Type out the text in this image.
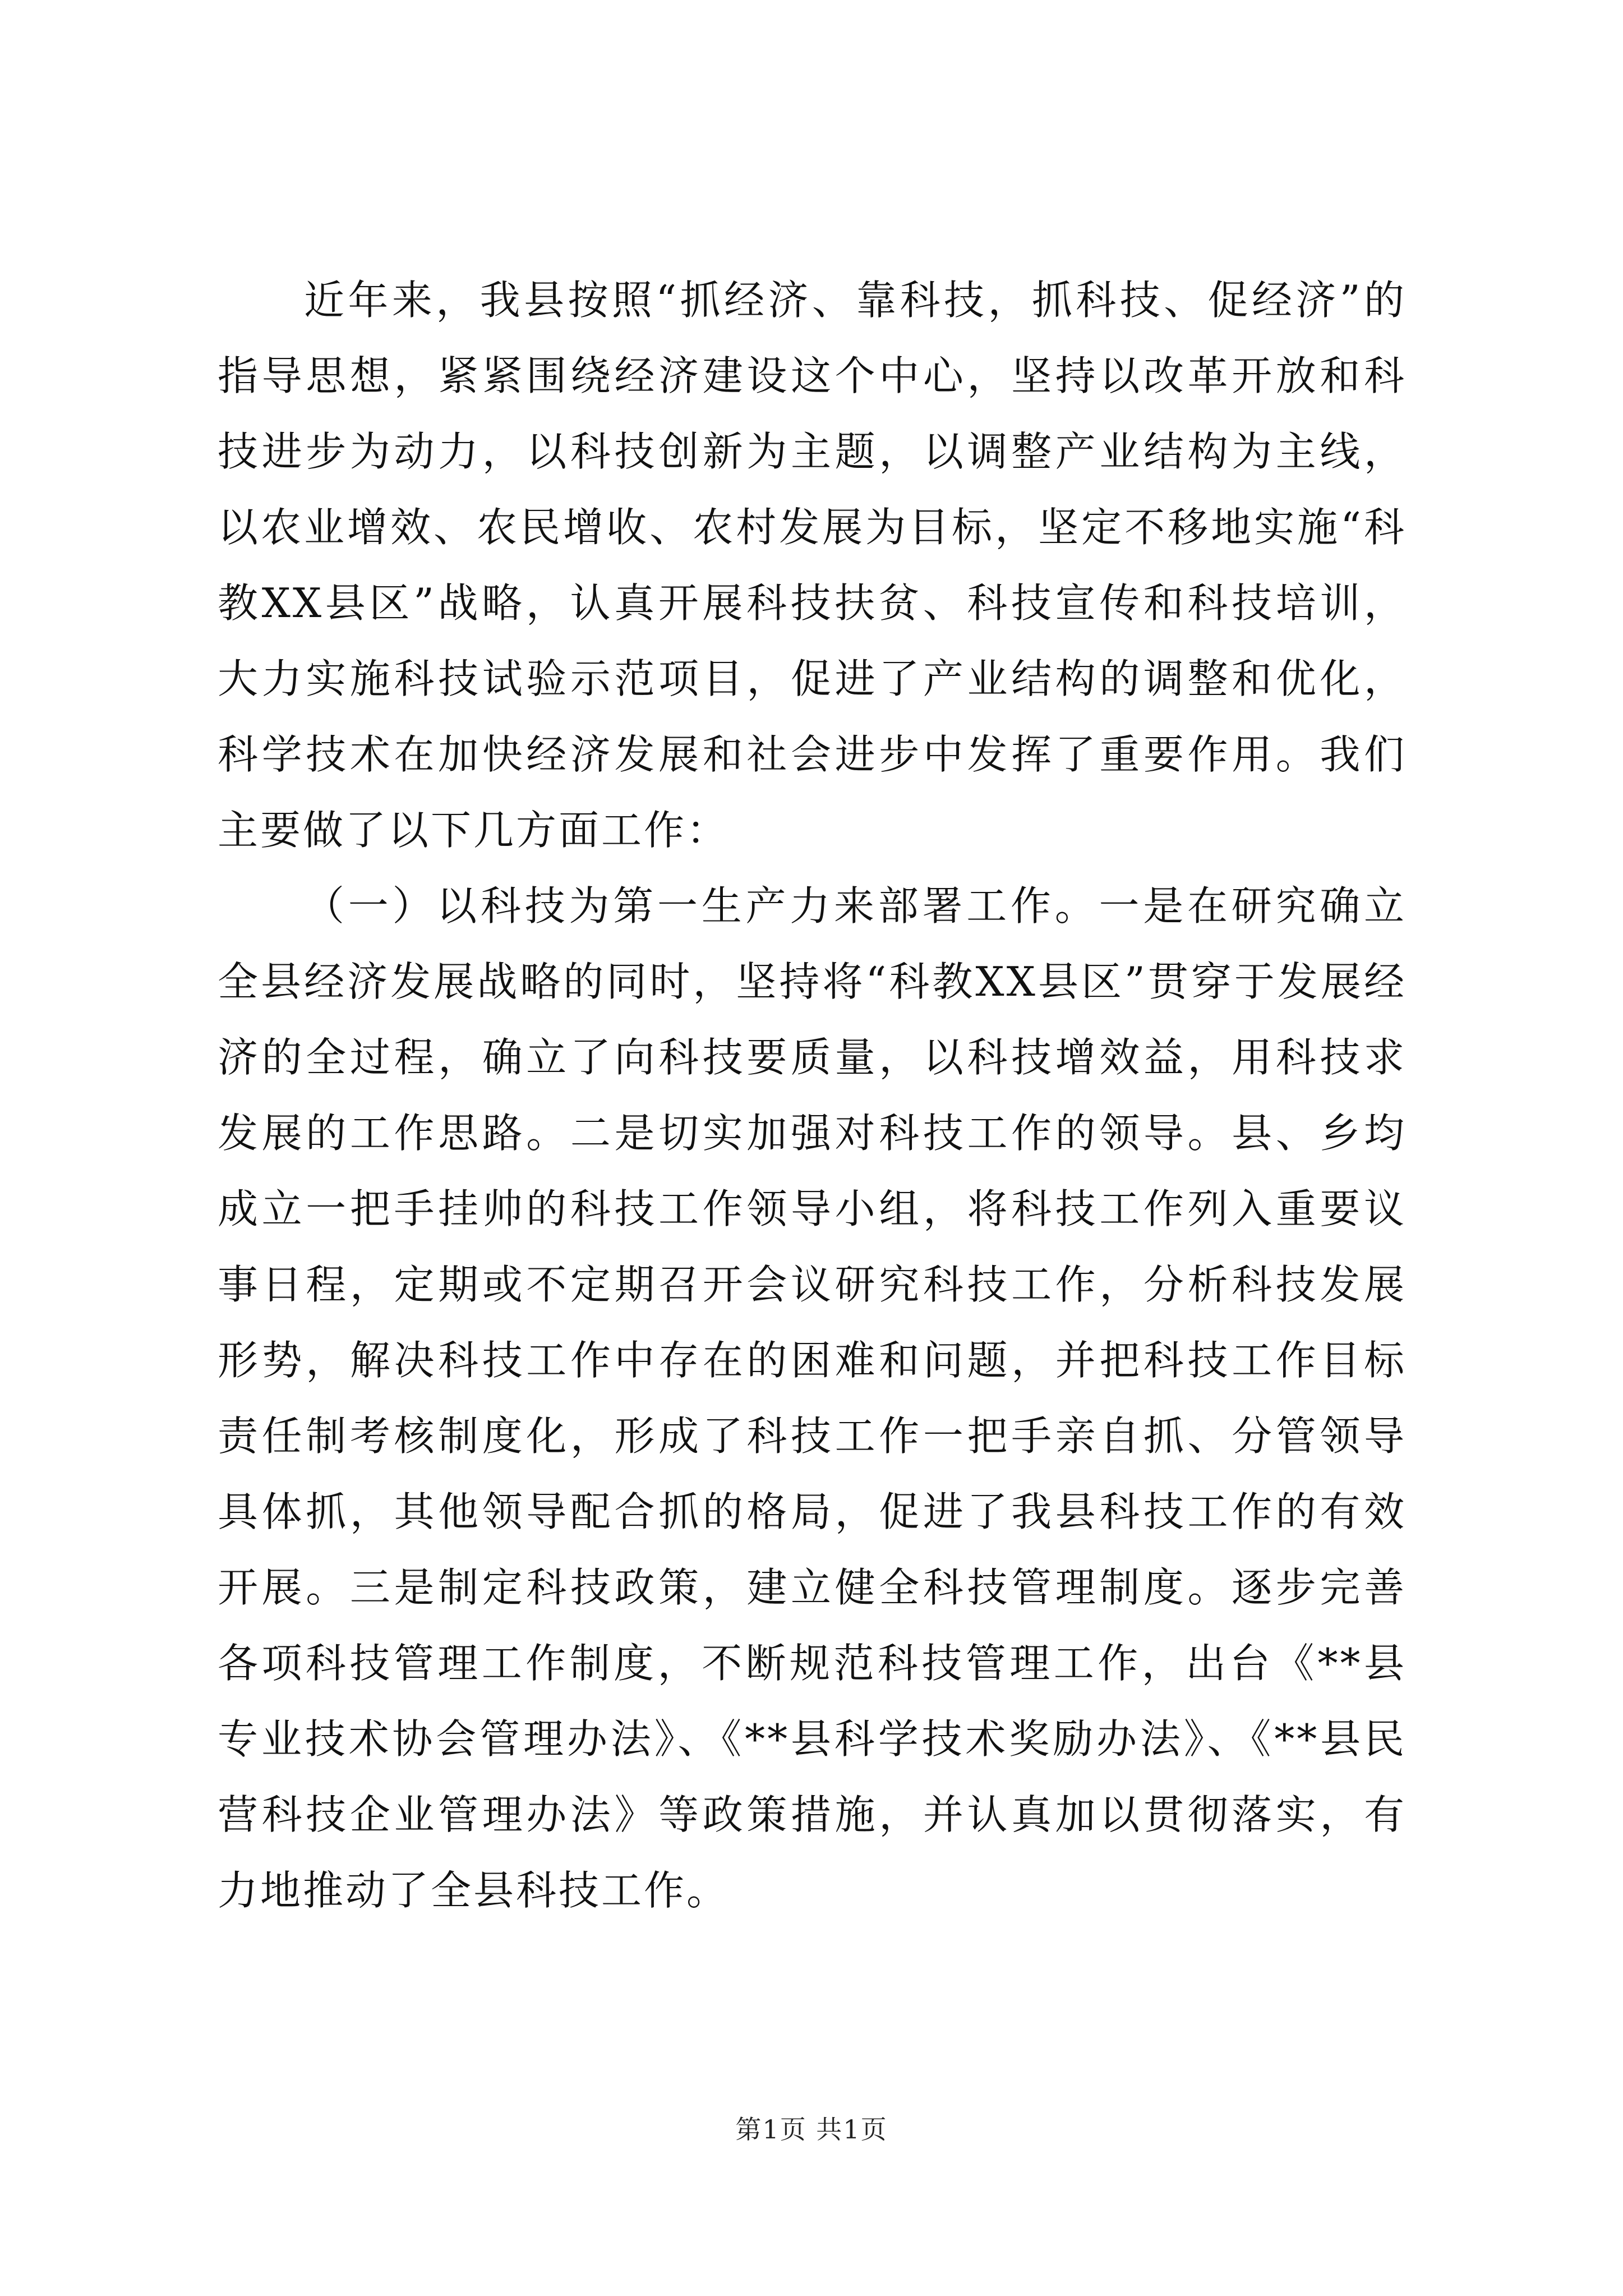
近年来，我县按照“抓经济、靠科技，抓科技、促经济”的指导思想，紧紧围绕经济建设这个中心，坚持以改革开放和科技进步为动力，以科技创新为主题，以调整产业结构为主线，以农业增效、农民增收、农村发展为目标，坚定不移地实施“科教XX县区”战略，认真开展科技扶贫、科技宣传和科技培训，大力实施科技试验示范项目，促进了产业结构的调整和优化，科学技术在加快经济发展和社会进步中发挥了重要作用。我们主要做了以下几方面工作：

（一）以科技为第一生产力来部署工作。一是在研究确立全县经济发展战略的同时，坚持将“科教XX县区”贯穿于发展经济的全过程，确立了向科技要质量，以科技增效益，用科技求发展的工作思路。二是切实加强对科技工作的领导。县、乡均成立一把手挂帅的科技工作领导小组，将科技工作列入重要议事日程，定期或不定期召开会议研究科技工作，分析科技发展形势，解决科技工作中存在的困难和问题，并把科技工作目标责任制考核制度化，形成了科技工作一把手亲自抓、分管领导具体抓，其他领导配合抓的格局，促进了我县科技工作的有效开展。三是制定科技政策，建立健全科技管理制度。逐步完善各项科技管理工作制度，不断规范科技管理工作，出台《**县专业技术协会管理办法》、《**县科学技术奖励办法》、《**县民营科技企业管理办法》等政策措施，并认真加以贯彻落实，有力地推动了全县科技工作。

第1页 共1页
